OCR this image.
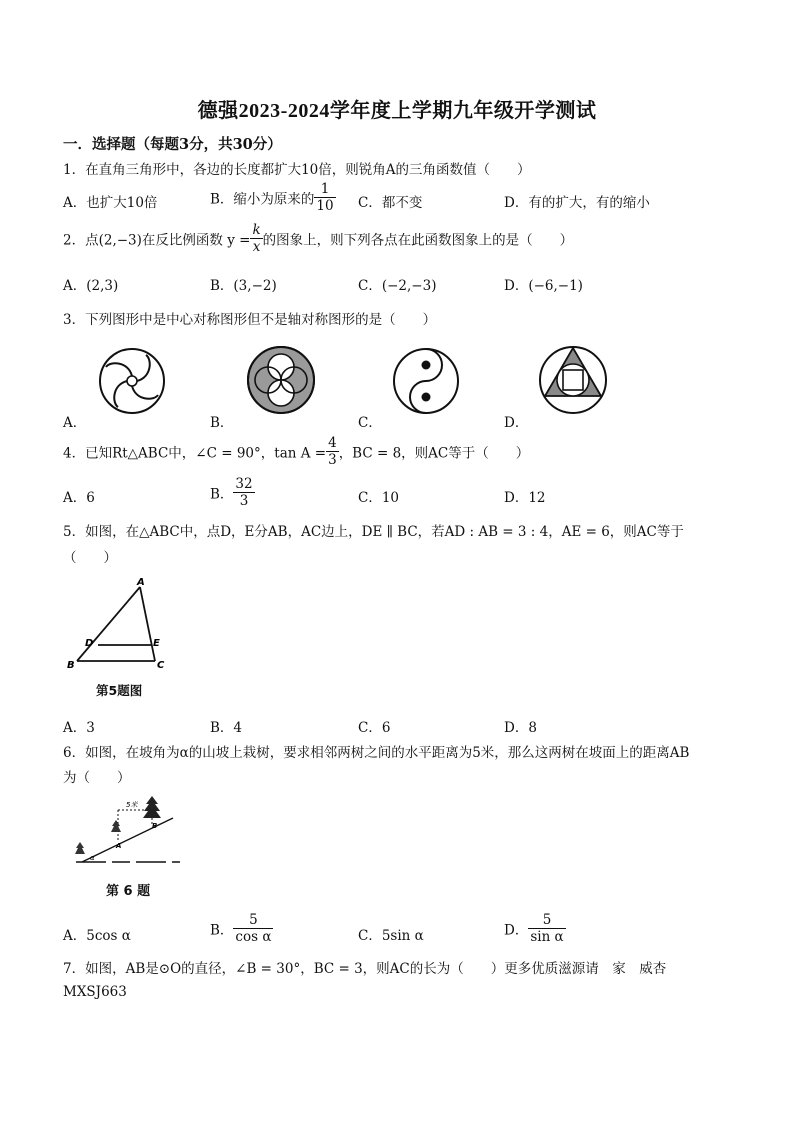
德强2023-2024学年度上学期九年级开学测试
一．选择题（每题3分，共30分）
1．在直角三角形中，各边的长度都扩大10倍，则锐角A的三角函数值（　　）
A．也扩大10倍	B．缩小为原来的 $\frac{1}{10}$ C．都不变	D．有的扩大，有的缩小
2．点(2,−3)在反比例函数 $y = \frac{k}{x}$ 的图象上，则下列各点在此函数图象上的是（　　）
A．(2,3)	B．(3,−2)	C．(−2,−3)	D．(−6,−1)
3．下列图形中是中心对称图形但不是轴对称图形的是（　　）
A．	B．	C．	D．
4．已知Rt△ABC中，∠C = 90°，$\tan A = \frac{4}{3}$ ，BC = 8，则AC等于（　　）
A．6	B． $\frac{32}{3}$	C．10	D．12
5．如图，在△ABC中，点D，E分AB，AC边上，DE ∥ BC，若AD : AB = 3 : 4，AE = 6，则AC等于
（　　）
A
D	E
B	C
第5题图
A．3	B．4	C．6	D．8
6．如图，在坡角为α的山坡上栽树，要求相邻两树之间的水平距离为5米，那么这两树在坡面上的距离AB
为（　　）
5米
B
A
α
第 6 题
A．5cos α	B． $\frac{5}{\text{cos α}}$	C．5sin α	D． $\frac{5}{\text{sin α}}$
7．如图，AB是⊙O的直径，∠B = 30°，BC = 3，则AC的长为（　　）更多优质滋源请　家　威杏
MXSJ663
